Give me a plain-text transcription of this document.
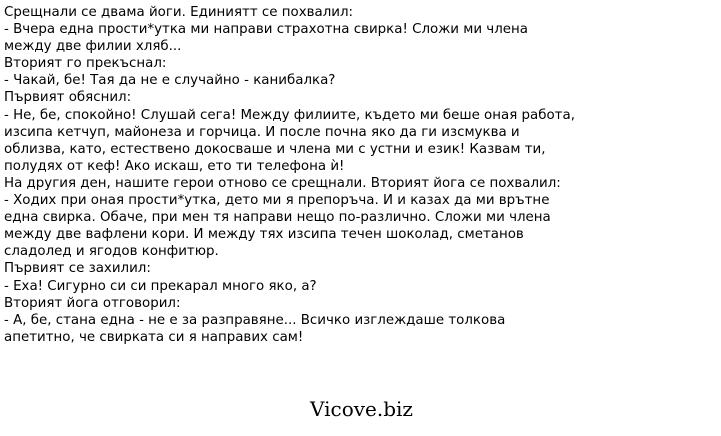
Срещнали се двама йоги. Единиятт се похвалил:
- Вчера една прости*утка ми направи страхотна свирка! Сложи ми члена
между две филии хляб...
Вторият го прекъснал:
- Чакай, бе! Тая да не е случайно - канибалка?
Първият обяснил:
- Не, бе, спокойно! Слушай сега! Между филиите, където ми беше оная работа,
изсипа кетчуп, майонеза и горчица. И после почна яко да ги изсмуква и
облизва, като, естествено докосваше и члена ми с устни и език! Казвам ти,
полудях от кеф! Ако искаш, ето ти телефона ѝ!
На другия ден, нашите герои отново се срещнали. Вторият йога се похвалил:
- Ходих при оная прости*утка, дето ми я препоръча. И и казах да ми врътне
една свирка. Обаче, при мен тя направи нещо по-различно. Сложи ми члена
между две вафлени кори. И между тях изсипа течен шоколад, сметанов
сладолед и ягодов конфитюр.
Първият се захилил:
- Еха! Сигурно си си прекарал много яко, а?
Вторият йога отговорил:
- А, бе, стана една - не е за разправяне... Всичко изглеждаше толкова
апетитно, че свирката си я направих сам!
Vicove.biz
